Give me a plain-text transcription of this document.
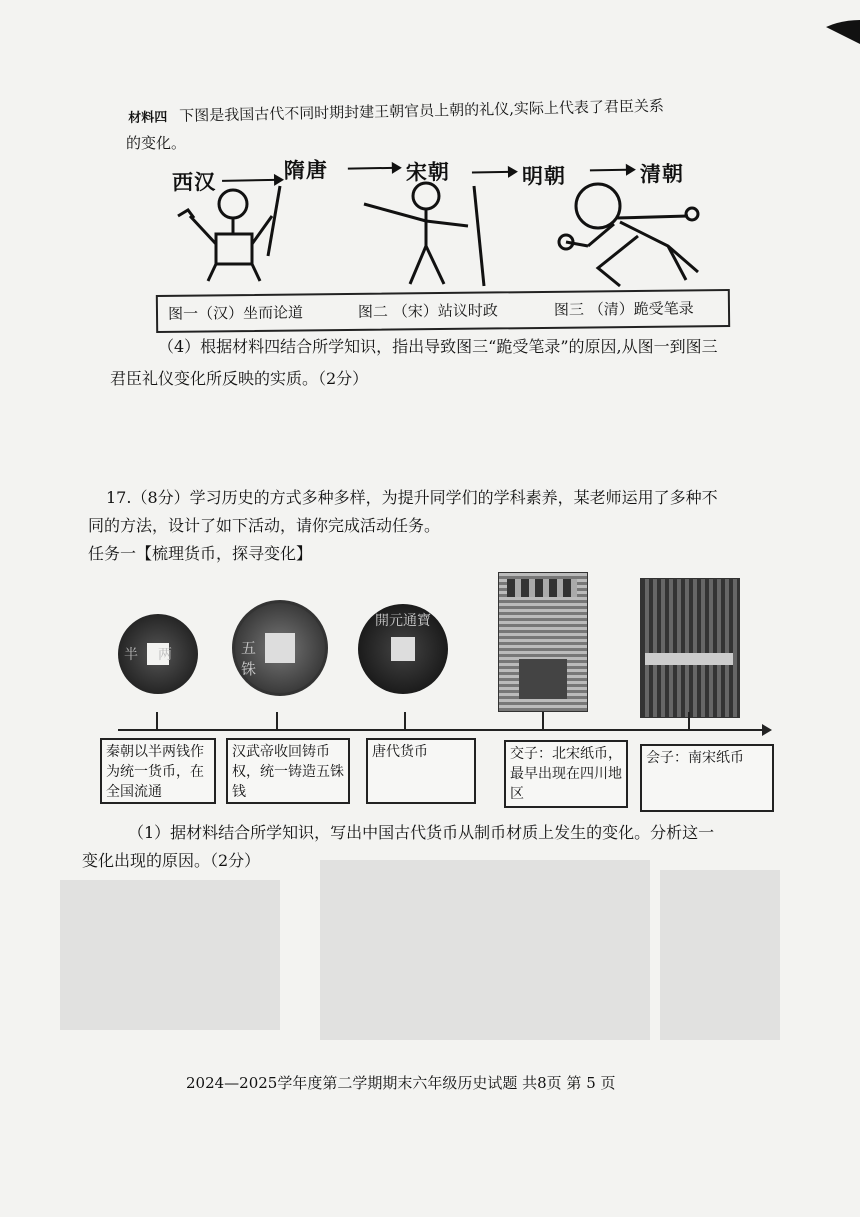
材料四 下图是我国古代不同时期封建王朝官员上朝的礼仪,实际上代表了君臣关系
的变化。
西汉	隋唐	宋朝	明朝	清朝
图一（汉）坐而论道	图二 （宋）站议时政	图三 （清）跪受笔录
（4）根据材料四结合所学知识，指出导致图三“跪受笔录”的原因,从图一到图三
君臣礼仪变化所反映的实质。（2分）
17.（8分）学习历史的方式多种多样，为提升同学们的学科素养，某老师运用了多种不
同的方法，设计了如下活动，请你完成活动任务。
任务一【梳理货币，探寻变化】
半两	五铢
開元通寶
秦朝以半两钱作为统一货币，在全国流通
汉武帝收回铸币权，统一铸造五铢钱
唐代货币	交子：北宋纸币，最早出现在四川地区
会子：南宋纸币
（1）据材料结合所学知识，写出中国古代货币从制币材质上发生的变化。分析这一
变化出现的原因。（2分）
2024—2025学年度第二学期期末六年级历史试题 共8页 第 5 页
